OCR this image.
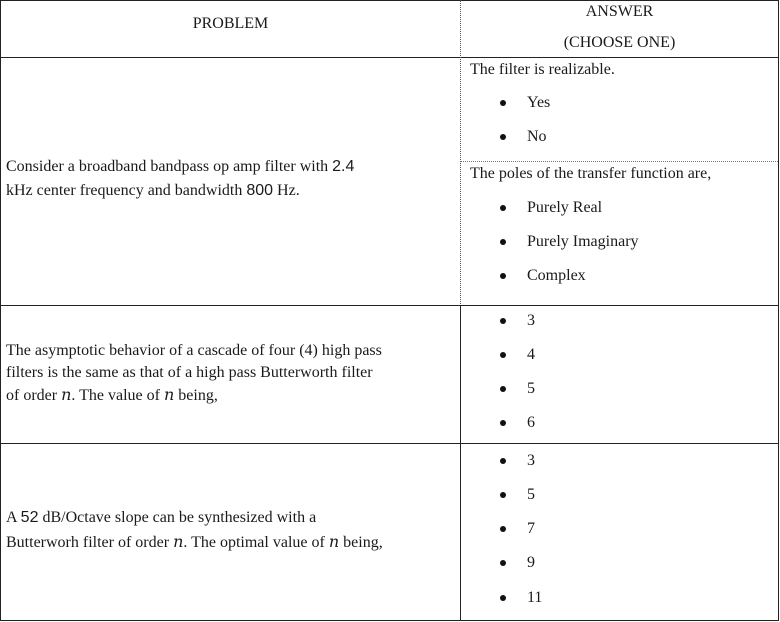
PROBLEM
ANSWER
(CHOOSE ONE)
Consider a broadband bandpass op amp filter with 2.4
kHz center frequency and bandwidth 800 Hz.
The filter is realizable.
Yes
No
The poles of the transfer function are,
Purely Real
Purely Imaginary
Complex
The asymptotic behavior of a cascade of four (4) high pass
filters is the same as that of a high pass Butterworth filter
of order n. The value of n being,
3
4
5
6
A 52 dB/Octave slope can be synthesized with a
Butterworh filter of order n. The optimal value of n being,
3
5
7
9
11
